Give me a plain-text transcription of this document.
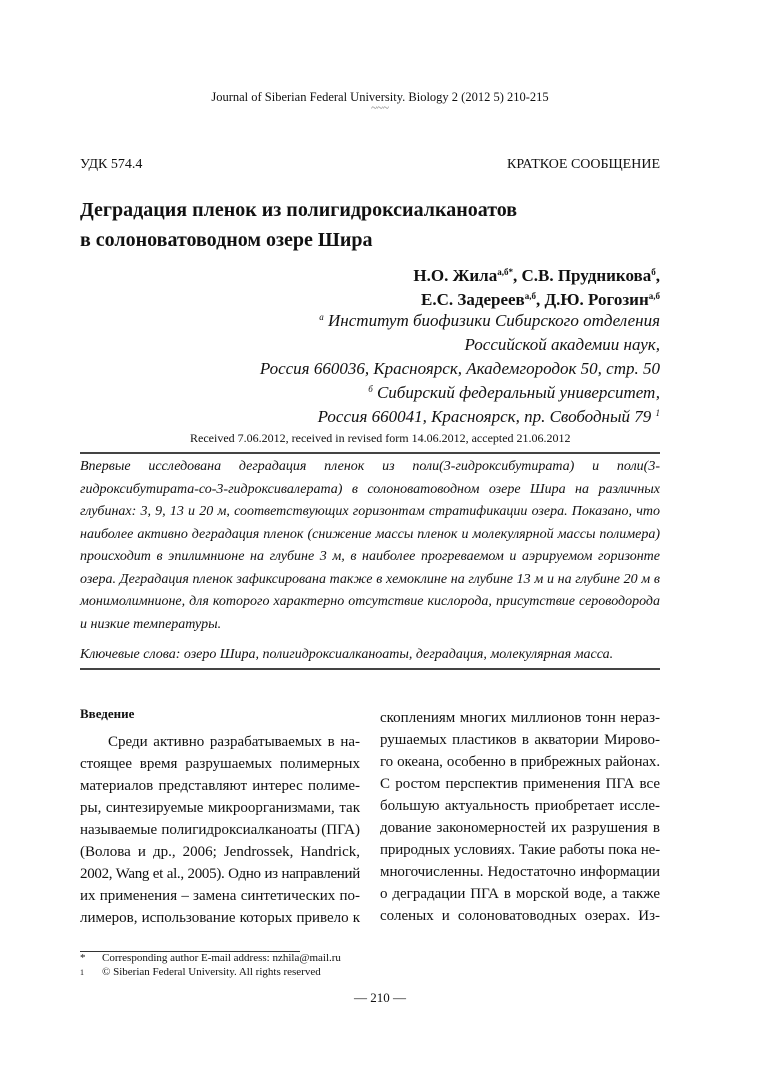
Journal of Siberian Federal University. Biology 2 (2012 5) 210-215
~~~
УДК 574.4	КРАТКОЕ СООБЩЕНИЕ
Деградация пленок из полигидроксиалканоатов
в солоноватоводном озере Шира
Н.О. Жила$^{а,б*}$, С.В. Прудникова$^б$,
Е.С. Задереев$^{а,б}$, Д.Ю. Рогозин$^{а,б}$
$^а$ Институт биофизики Сибирского отделения
Российской академии наук,
Россия 660036, Красноярск, Академгородок 50, стр. 50
$^б$ Сибирский федеральный университет,
Россия 660041, Красноярск, пр. Свободный 79 $^1$
Received 7.06.2012, received in revised form 14.06.2012, accepted 21.06.2012
Впервые исследована деградация пленок из поли(3-гидроксибутирата) и поли(3-
гидроксибутирата-со-3-гидроксивалерата) в солоноватоводном озере Шира на различных
глубинах: 3, 9, 13 и 20 м, соответствующих горизонтам стратификации озера. Показано, что
наиболее активно деградация пленок (снижение массы пленок и молекулярной массы полимера)
происходит в эпилимнионе на глубине 3 м, в наиболее прогреваемом и аэрируемом горизонте
озера. Деградация пленок зафиксирована также в хемоклине на глубине 13 м и на глубине 20 м в
монимолимнионе, для которого характерно отсутствие кислорода, присутствие сероводорода
и низкие температуры.
Ключевые слова: озеро Шира, полигидроксиалканоаты, деградация, молекулярная масса.
Введение
Среди активно разрабатываемых в на-
стоящее время разрушаемых полимерных
материалов представляют интерес полиме-
ры, синтезируемые микроорганизмами, так
называемые полигидроксиалканоаты (ПГА)
(Волова и др., 2006; Jendrossek, Handrick,
2002, Wang et al., 2005). Одно из направлений
их применения – замена синтетических по-
лимеров, использование которых привело к
скоплениям многих миллионов тонн нераз-
рушаемых пластиков в акватории Мирово-
го океана, особенно в прибрежных районах.
С ростом перспектив применения ПГА все
большую актуальность приобретает иссле-
дование закономерностей их разрушения в
природных условиях. Такие работы пока не-
многочисленны. Недостаточно информации
о деградации ПГА в морской воде, а также
соленых и солоноватоводных озерах. Из-
* Corresponding author E-mail address: nzhila@mail.ru
1 © Siberian Federal University. All rights reserved
— 210 —
